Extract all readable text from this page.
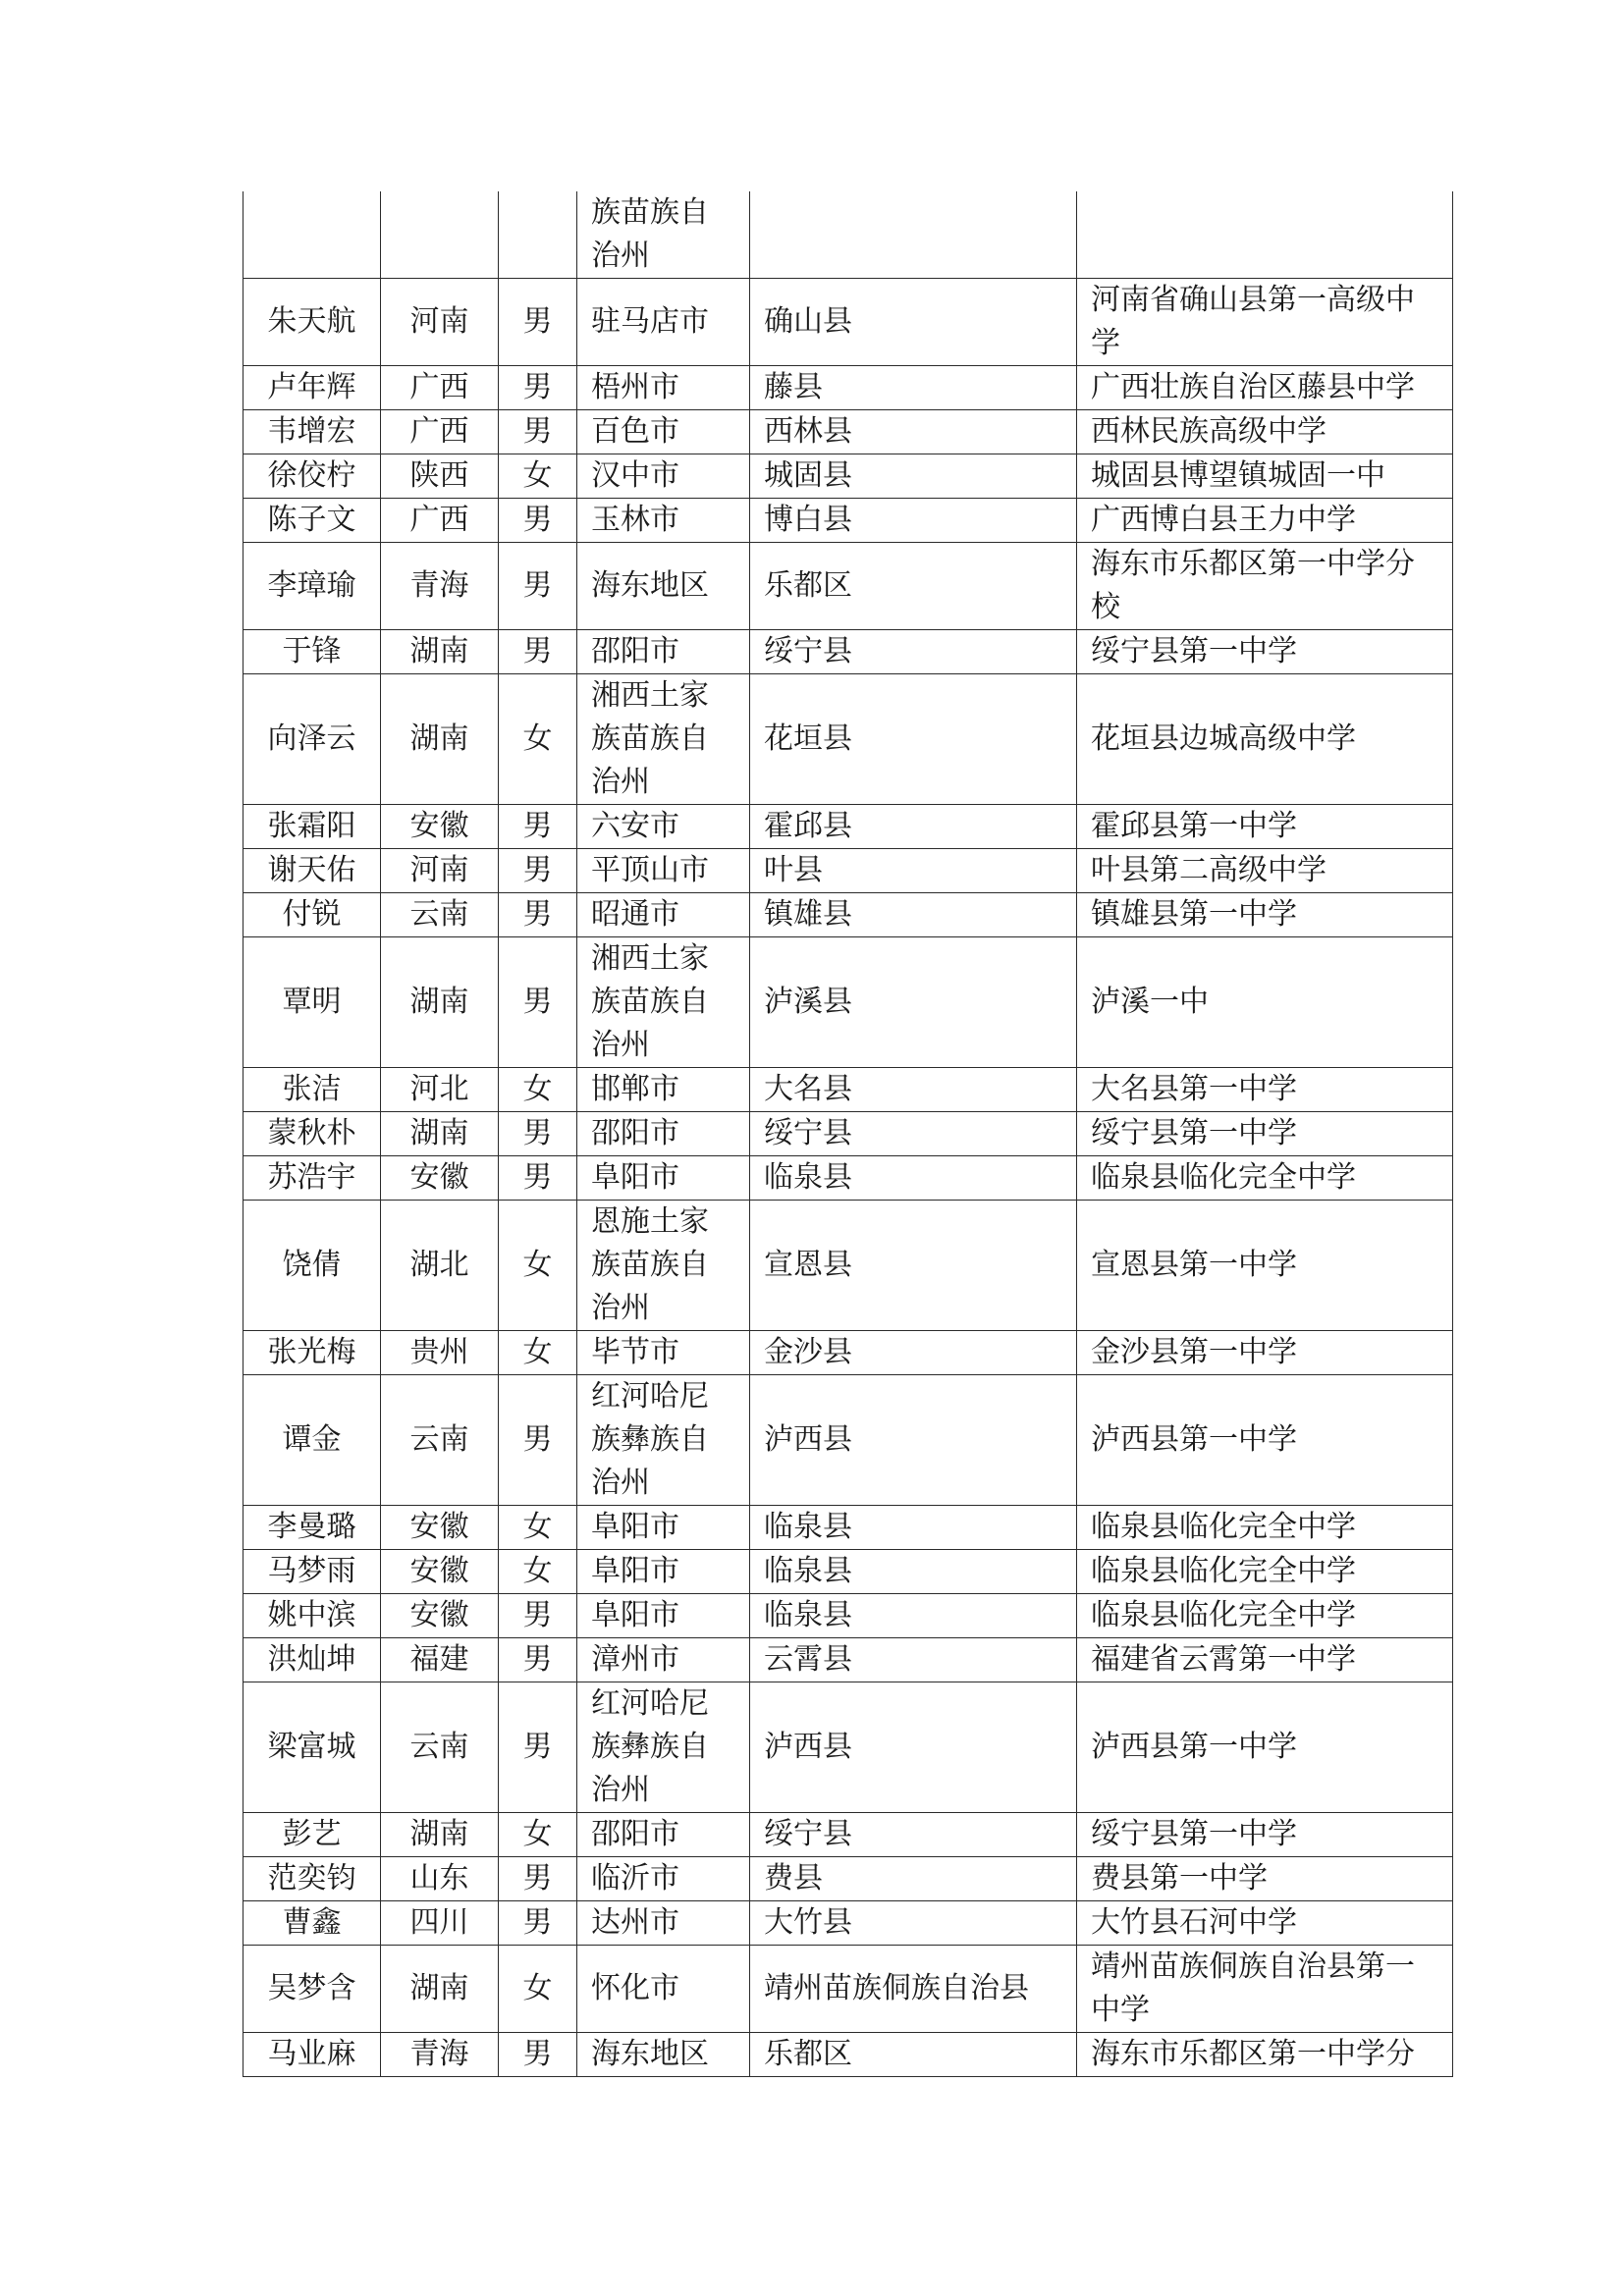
			族苗族自治州		
朱天航	河南	男	驻马店市	确山县	河南省确山县第一高级中学
卢年辉	广西	男	梧州市	藤县	广西壮族自治区藤县中学
韦增宏	广西	男	百色市	西林县	西林民族高级中学
徐佼柠	陕西	女	汉中市	城固县	城固县博望镇城固一中
陈子文	广西	男	玉林市	博白县	广西博白县王力中学
李璋瑜	青海	男	海东地区	乐都区	海东市乐都区第一中学分校
于锋	湖南	男	邵阳市	绥宁县	绥宁县第一中学
向泽云	湖南	女	湘西土家族苗族自治州	花垣县	花垣县边城高级中学
张霜阳	安徽	男	六安市	霍邱县	霍邱县第一中学
谢天佑	河南	男	平顶山市	叶县	叶县第二高级中学
付锐	云南	男	昭通市	镇雄县	镇雄县第一中学
覃明	湖南	男	湘西土家族苗族自治州	泸溪县	泸溪一中
张洁	河北	女	邯郸市	大名县	大名县第一中学
蒙秋朴	湖南	男	邵阳市	绥宁县	绥宁县第一中学
苏浩宇	安徽	男	阜阳市	临泉县	临泉县临化完全中学
饶倩	湖北	女	恩施土家族苗族自治州	宣恩县	宣恩县第一中学
张光梅	贵州	女	毕节市	金沙县	金沙县第一中学
谭金	云南	男	红河哈尼族彝族自治州	泸西县	泸西县第一中学
李曼璐	安徽	女	阜阳市	临泉县	临泉县临化完全中学
马梦雨	安徽	女	阜阳市	临泉县	临泉县临化完全中学
姚中滨	安徽	男	阜阳市	临泉县	临泉县临化完全中学
洪灿坤	福建	男	漳州市	云霄县	福建省云霄第一中学
梁富城	云南	男	红河哈尼族彝族自治州	泸西县	泸西县第一中学
彭艺	湖南	女	邵阳市	绥宁县	绥宁县第一中学
范奕钧	山东	男	临沂市	费县	费县第一中学
曹鑫	四川	男	达州市	大竹县	大竹县石河中学
吴梦含	湖南	女	怀化市	靖州苗族侗族自治县	靖州苗族侗族自治县第一中学
马业麻	青海	男	海东地区	乐都区	海东市乐都区第一中学分
